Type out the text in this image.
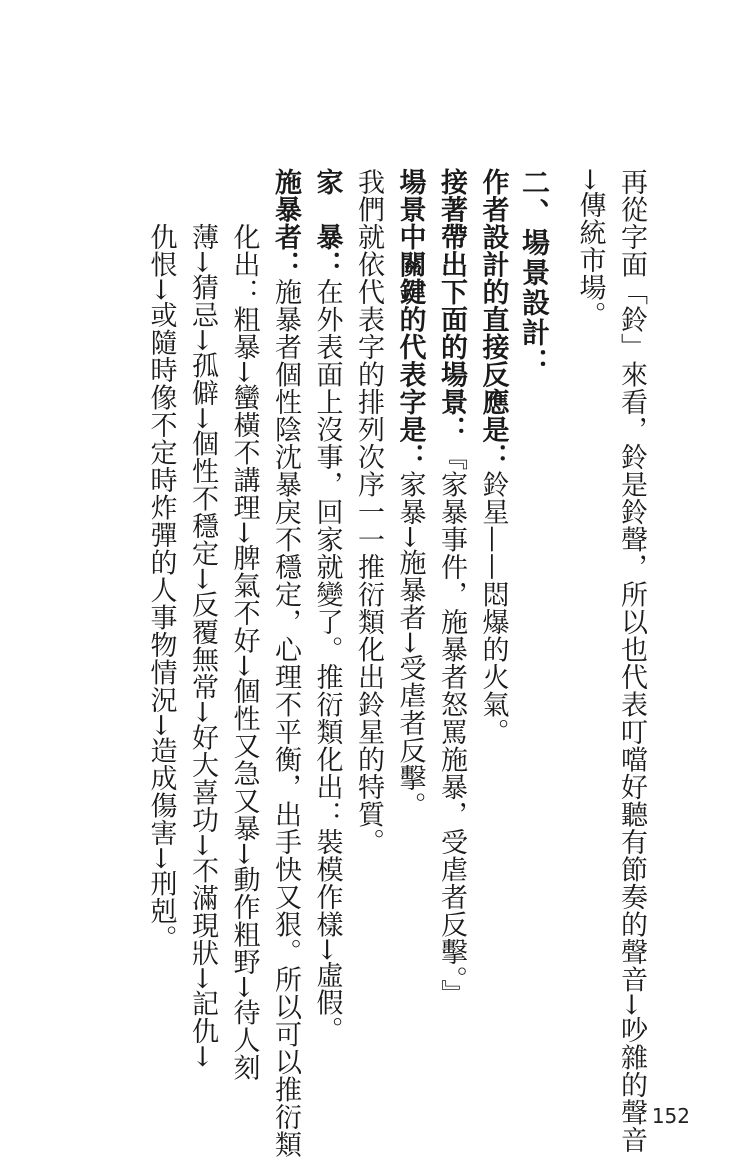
再從字面「鈴」來看，鈴是鈴聲，所以也代表叮噹好聽有節奏的聲音→吵雜的聲音
→傳統市場。
二、場景設計：
作者設計的直接反應是：鈴星——悶爆的火氣。
接著帶出下面的場景：『家暴事件，施暴者怒罵施暴，受虐者反擊。』
場景中關鍵的代表字是：家暴→施暴者→受虐者反擊。
我們就依代表字的排列次序一一推衍類化出鈴星的特質。
家　暴：在外表面上沒事，回家就變了。推衍類化出：裝模作樣→虛假。
施暴者：施暴者個性陰沈暴戾不穩定，心理不平衡，出手快又狠。所以可以推衍類
化出：粗暴→蠻橫不講理→脾氣不好→個性又急又暴→動作粗野→待人刻
薄→猜忌→孤僻→個性不穩定→反覆無常→好大喜功→不滿現狀→記仇→
仇恨→或隨時像不定時炸彈的人事物情況→造成傷害→刑剋。
152
